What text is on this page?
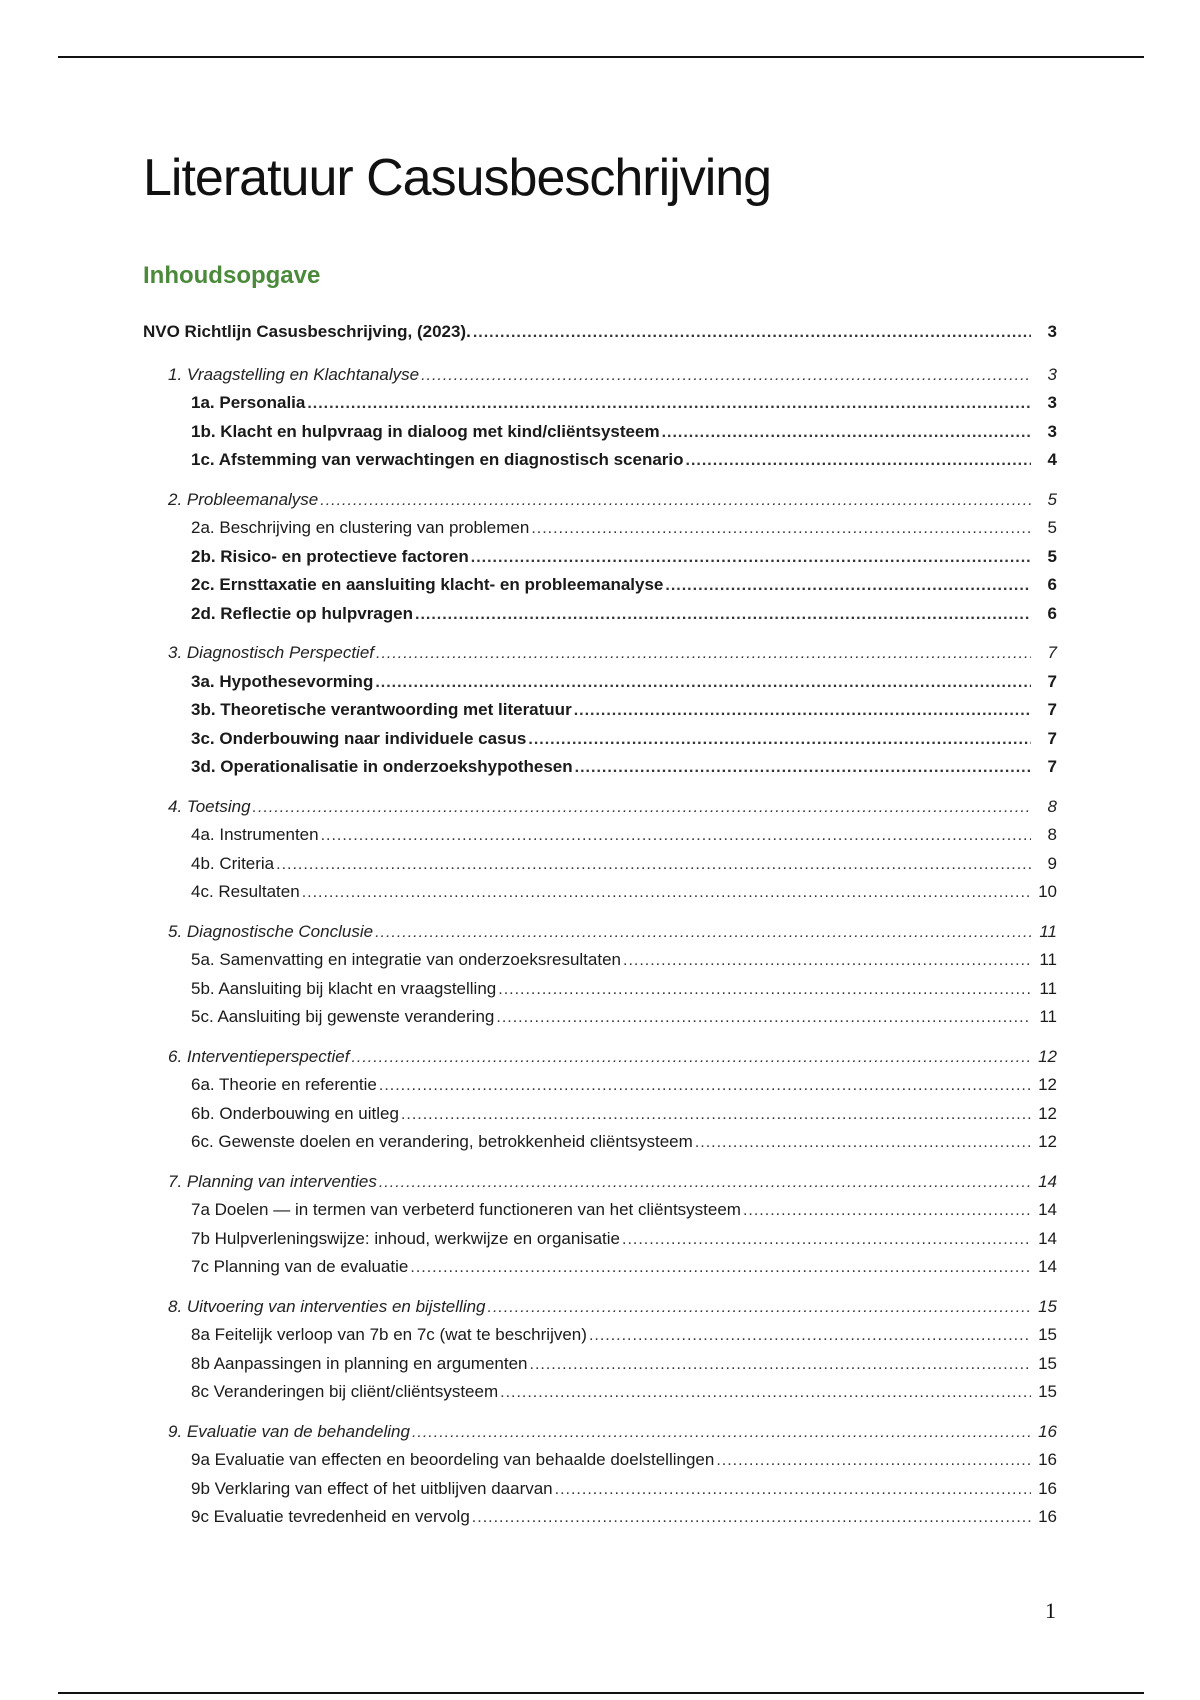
Literatuur Casusbeschrijving
Inhoudsopgave
NVO Richtlijn Casusbeschrijving, (2023). .....	3
1. Vraagstelling en Klachtanalyse .....	3
1a. Personalia .....	3
1b. Klacht en hulpvraag in dialoog met kind/cliëntsysteem .....	3
1c. Afstemming van verwachtingen en diagnostisch scenario .....	4
2. Probleemanalyse .....	5
2a. Beschrijving en clustering van problemen .....	5
2b. Risico- en protectieve factoren .....	5
2c. Ernsttaxatie en aansluiting klacht- en probleemanalyse .....	6
2d. Reflectie op hulpvragen .....	6
3. Diagnostisch Perspectief .....	7
3a. Hypothesevorming .....	7
3b. Theoretische verantwoording met literatuur .....	7
3c. Onderbouwing naar individuele casus .....	7
3d. Operationalisatie in onderzoekshypothesen .....	7
4. Toetsing .....	8
4a. Instrumenten .....	8
4b. Criteria .....	9
4c. Resultaten .....	10
5. Diagnostische Conclusie .....	11
5a. Samenvatting en integratie van onderzoeksresultaten .....	11
5b. Aansluiting bij klacht en vraagstelling .....	11
5c. Aansluiting bij gewenste verandering .....	11
6. Interventieperspectief .....	12
6a. Theorie en referentie .....	12
6b. Onderbouwing en uitleg .....	12
6c. Gewenste doelen en verandering, betrokkenheid cliëntsysteem .....	12
7. Planning van interventies .....	14
7a Doelen — in termen van verbeterd functioneren van het cliëntsysteem .....	14
7b Hulpverleningswijze: inhoud, werkwijze en organisatie .....	14
7c Planning van de evaluatie .....	14
8. Uitvoering van interventies en bijstelling .....	15
8a Feitelijk verloop van 7b en 7c (wat te beschrijven) .....	15
8b Aanpassingen in planning en argumenten .....	15
8c Veranderingen bij cliënt/cliëntsysteem .....	15
9. Evaluatie van de behandeling .....	16
9a Evaluatie van effecten en beoordeling van behaalde doelstellingen .....	16
9b Verklaring van effect of het uitblijven daarvan .....	16
9c Evaluatie tevredenheid en vervolg .....	16
1
